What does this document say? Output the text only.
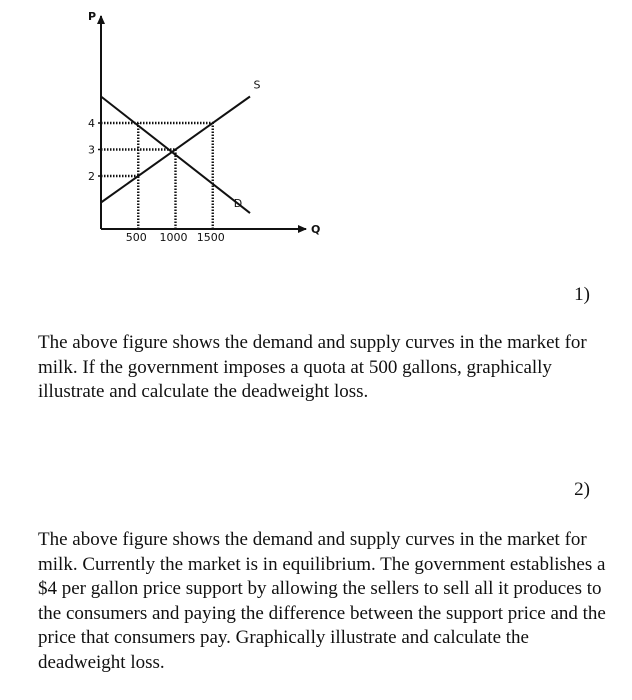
S
D
2
3
4
500 1000 1500
P
Q
1)
The above figure shows the demand and supply curves in the market for milk. If the government imposes a quota at 500 gallons, graphically illustrate and calculate the deadweight loss.
2)
The above figure shows the demand and supply curves in the market for milk. Currently the market is in equilibrium. The government establishes a $4 per gallon price support by allowing the sellers to sell all it produces to the consumers and paying the difference between the support price and the price that consumers pay. Graphically illustrate and calculate the deadweight loss.
